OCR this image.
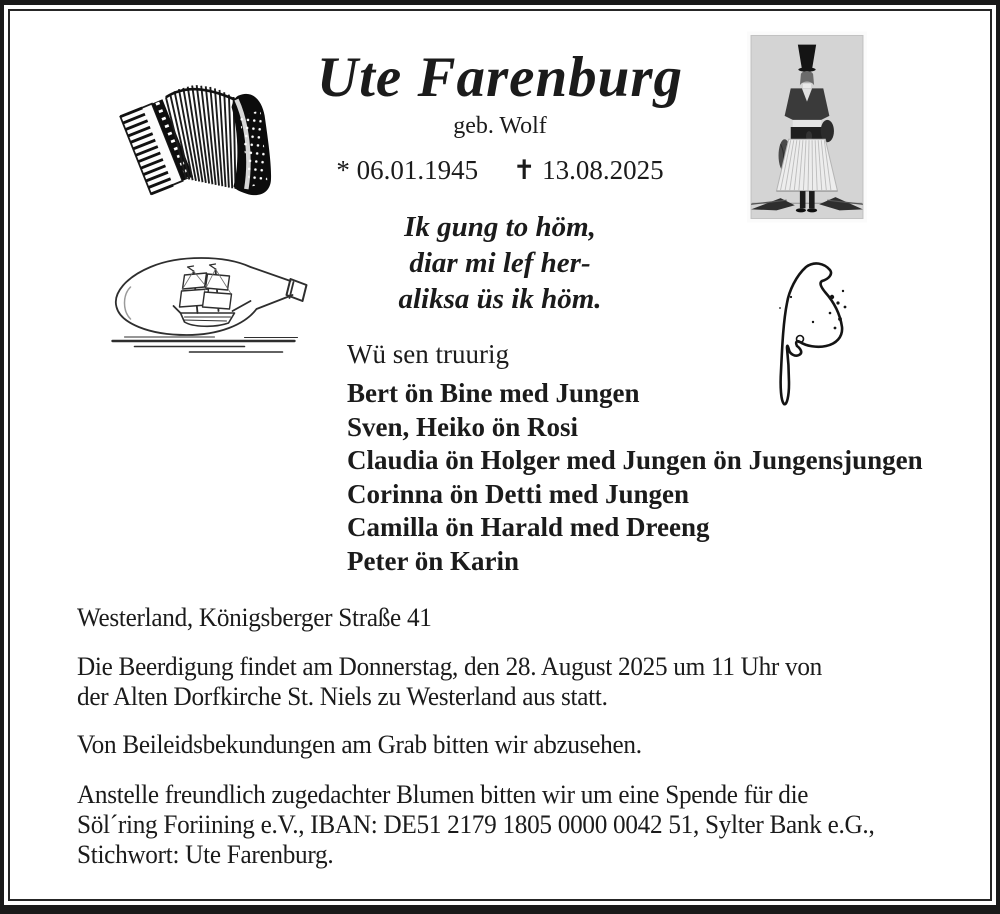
Ute Farenburg
geb. Wolf
* 06.01.1945 ✝ 13.08.2025
Ik gung to höm,
diar mi lef her-
aliksa üs ik höm.
Wü sen truurig
Bert ön Bine med Jungen
Sven, Heiko ön Rosi
Claudia ön Holger med Jungen ön Jungensjungen
Corinna ön Detti med Jungen
Camilla ön Harald med Dreeng
Peter ön Karin
Westerland, Königsberger Straße 41
Die Beerdigung findet am Donnerstag, den 28. August 2025 um 11 Uhr von
der Alten Dorfkirche St. Niels zu Westerland aus statt.
Von Beileidsbekundungen am Grab bitten wir abzusehen.
Anstelle freundlich zugedachter Blumen bitten wir um eine Spende für die
Söl´ring Foriining e.V., IBAN: DE51 2179 1805 0000 0042 51, Sylter Bank e.G.,
Stichwort: Ute Farenburg.
